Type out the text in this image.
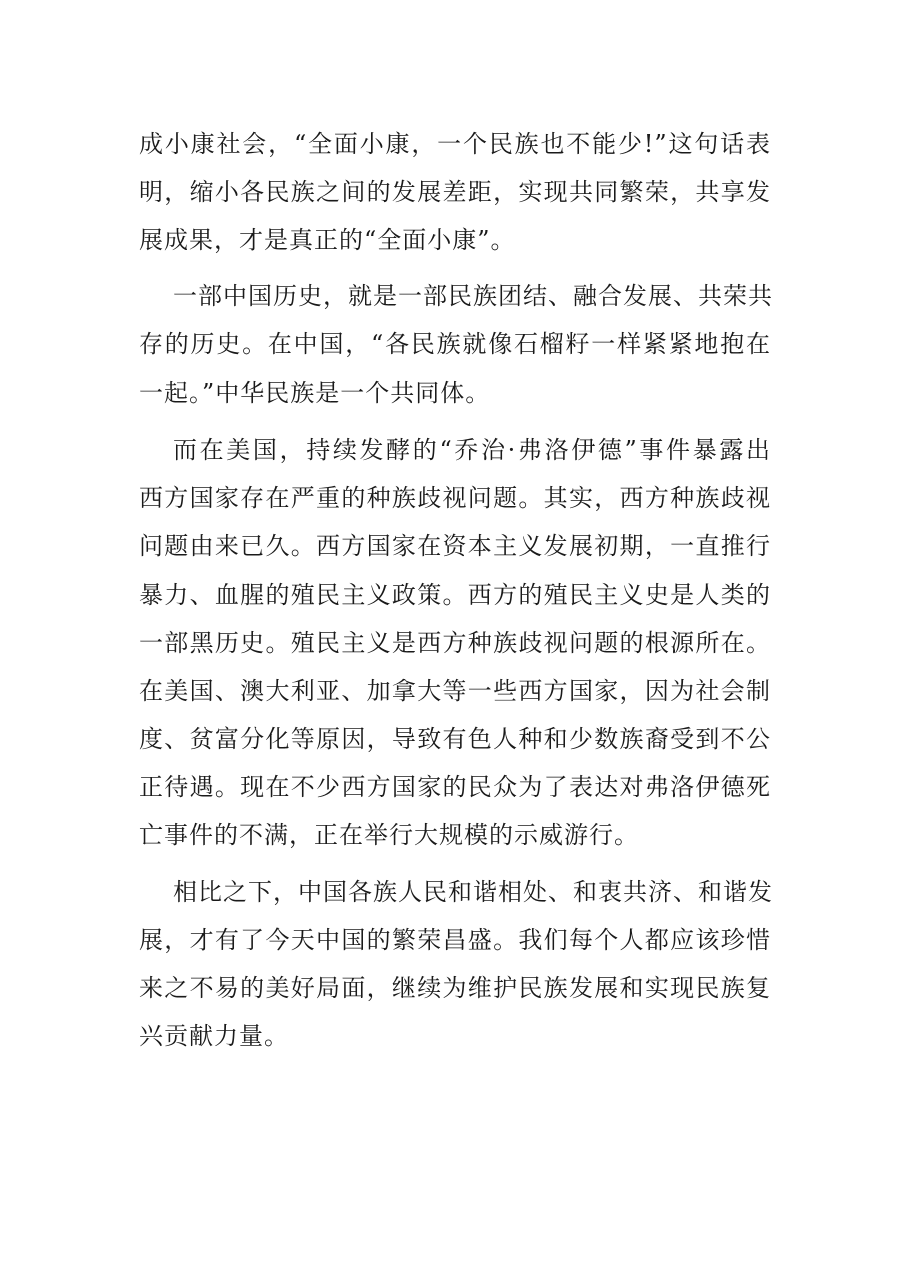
成小康社会，“全面小康，一个民族也不能少!”这句话表
明，缩小各民族之间的发展差距，实现共同繁荣，共享发
展成果，才是真正的“全面小康”。
一部中国历史，就是一部民族团结、融合发展、共荣共
存的历史。在中国，“各民族就像石榴籽一样紧紧地抱在
一起。”中华民族是一个共同体。
而在美国，持续发酵的“乔治·弗洛伊德”事件暴露出
西方国家存在严重的种族歧视问题。其实，西方种族歧视
问题由来已久。西方国家在资本主义发展初期，一直推行
暴力、血腥的殖民主义政策。西方的殖民主义史是人类的
一部黑历史。殖民主义是西方种族歧视问题的根源所在。
在美国、澳大利亚、加拿大等一些西方国家，因为社会制
度、贫富分化等原因，导致有色人种和少数族裔受到不公
正待遇。现在不少西方国家的民众为了表达对弗洛伊德死
亡事件的不满，正在举行大规模的示威游行。
相比之下，中国各族人民和谐相处、和衷共济、和谐发
展，才有了今天中国的繁荣昌盛。我们每个人都应该珍惜
来之不易的美好局面，继续为维护民族发展和实现民族复
兴贡献力量。
